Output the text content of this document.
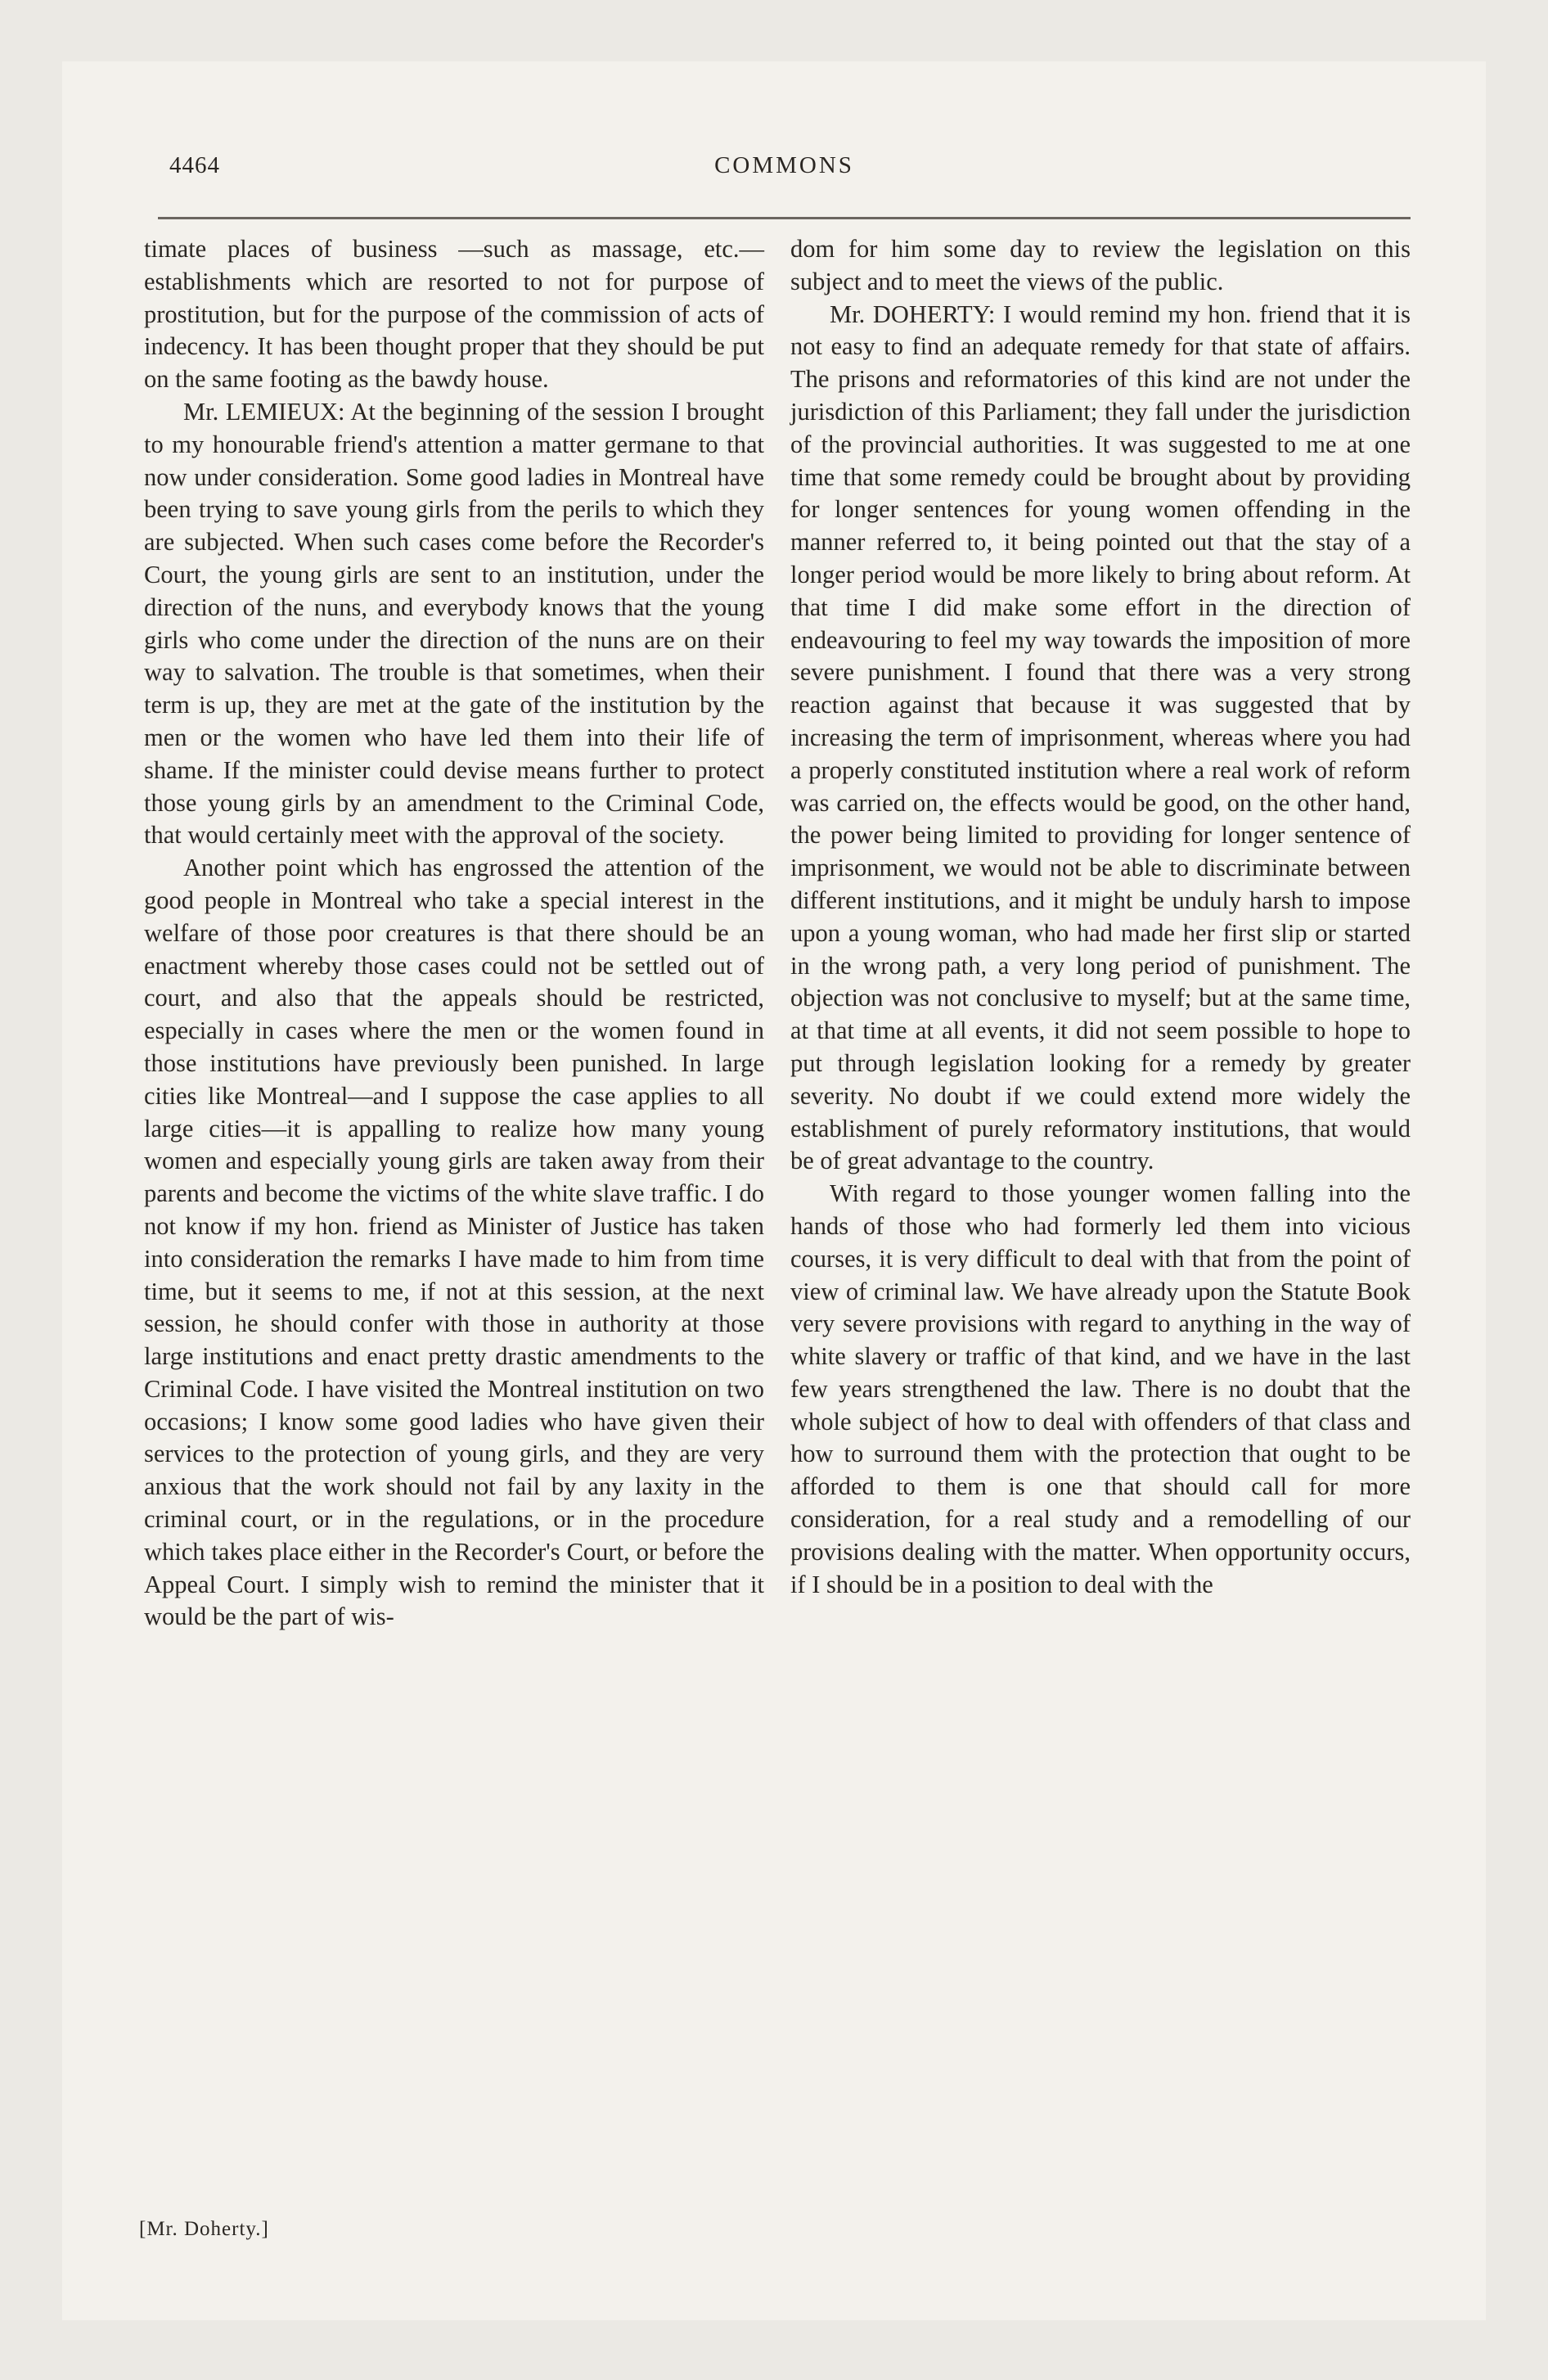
4464	COMMONS

timate places of business —such as massage, etc.—establishments which are resorted to not for purpose of prostitution, but for the purpose of the commission of acts of indecency. It has been thought proper that they should be put on the same footing as the bawdy house.

Mr. LEMIEUX: At the beginning of the session I brought to my honourable friend's attention a matter germane to that now under consideration. Some good ladies in Montreal have been trying to save young girls from the perils to which they are subjected. When such cases come before the Recorder's Court, the young girls are sent to an institution, under the direction of the nuns, and everybody knows that the young girls who come under the direction of the nuns are on their way to salvation. The trouble is that sometimes, when their term is up, they are met at the gate of the institution by the men or the women who have led them into their life of shame. If the minister could devise means further to protect those young girls by an amendment to the Criminal Code, that would certainly meet with the approval of the society.

Another point which has engrossed the attention of the good people in Montreal who take a special interest in the welfare of those poor creatures is that there should be an enactment whereby those cases could not be settled out of court, and also that the appeals should be restricted, especially in cases where the men or the women found in those institutions have previously been punished. In large cities like Montreal—and I suppose the case applies to all large cities—it is appalling to realize how many young women and especially young girls are taken away from their parents and become the victims of the white slave traffic. I do not know if my hon. friend as Minister of Justice has taken into consideration the remarks I have made to him from time time, but it seems to me, if not at this session, at the next session, he should confer with those in authority at those large institutions and enact pretty drastic amendments to the Criminal Code. I have visited the Montreal institution on two occasions; I know some good ladies who have given their services to the protection of young girls, and they are very anxious that the work should not fail by any laxity in the criminal court, or in the regulations, or in the procedure which takes place either in the Recorder's Court, or before the Appeal Court. I simply wish to remind the minister that it would be the part of wis-

dom for him some day to review the legislation on this subject and to meet the views of the public.

Mr. DOHERTY: I would remind my hon. friend that it is not easy to find an adequate remedy for that state of affairs. The prisons and reformatories of this kind are not under the jurisdiction of this Parliament; they fall under the jurisdiction of the provincial authorities. It was suggested to me at one time that some remedy could be brought about by providing for longer sentences for young women offending in the manner referred to, it being pointed out that the stay of a longer period would be more likely to bring about reform. At that time I did make some effort in the direction of endeavouring to feel my way towards the imposition of more severe punishment. I found that there was a very strong reaction against that because it was suggested that by increasing the term of imprisonment, whereas where you had a properly constituted institution where a real work of reform was carried on, the effects would be good, on the other hand, the power being limited to providing for longer sentence of imprisonment, we would not be able to discriminate between different institutions, and it might be unduly harsh to impose upon a young woman, who had made her first slip or started in the wrong path, a very long period of punishment. The objection was not conclusive to myself; but at the same time, at that time at all events, it did not seem possible to hope to put through legislation looking for a remedy by greater severity. No doubt if we could extend more widely the establishment of purely reformatory institutions, that would be of great advantage to the country.

With regard to those younger women falling into the hands of those who had formerly led them into vicious courses, it is very difficult to deal with that from the point of view of criminal law. We have already upon the Statute Book very severe provisions with regard to anything in the way of white slavery or traffic of that kind, and we have in the last few years strengthened the law. There is no doubt that the whole subject of how to deal with offenders of that class and how to surround them with the protection that ought to be afforded to them is one that should call for more consideration, for a real study and a remodelling of our provisions dealing with the matter. When opportunity occurs, if I should be in a position to deal with the

[Mr. Doherty.]
